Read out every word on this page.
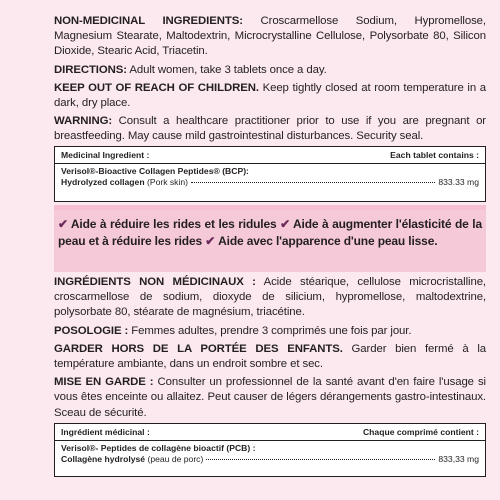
NON-MEDICINAL INGREDIENTS: Croscarmellose Sodium, Hypromellose, Magnesium Stearate, Maltodextrin, Microcrystalline Cellulose, Polysorbate 80, Silicon Dioxide, Stearic Acid, Triacetin.

DIRECTIONS: Adult women, take 3 tablets once a day.

KEEP OUT OF REACH OF CHILDREN. Keep tightly closed at room temperature in a dark, dry place.

WARNING: Consult a healthcare practitioner prior to use if you are pregnant or breastfeeding. May cause mild gastrointestinal disturbances. Security seal.

Medicinal Ingredient :	Each tablet contains :
Verisol®-Bioactive Collagen Peptides® (BCP):
Hydrolyzed collagen
(Pork skin)	833.33 mg

✔ Aide à réduire les rides et les ridules ✔ Aide à augmenter l'élasticité de la peau et à réduire les rides ✔ Aide avec l'apparence d'une peau lisse.

INGRÉDIENTS NON MÉDICINAUX : Acide stéarique, cellulose microcristalline, croscarmellose de sodium, dioxyde de silicium, hypromellose, maltodextrine, polysorbate 80, stéarate de magnésium, triacétine.

POSOLOGIE : Femmes adultes, prendre 3 comprimés une fois par jour.

GARDER HORS DE LA PORTÉE DES ENFANTS. Garder bien fermé à la température ambiante, dans un endroit sombre et sec.

MISE EN GARDE : Consulter un professionnel de la santé avant d'en faire l'usage si vous êtes enceinte ou allaitez. Peut causer de légers dérangements gastro-intestinaux. Sceau de sécurité.

Ingrédient médicinal :	Chaque comprimé contient :
Verisol®- Peptides de collagène bioactif (PCB) :
Collagène hydrolysé
(peau de porc)	833,33 mg
